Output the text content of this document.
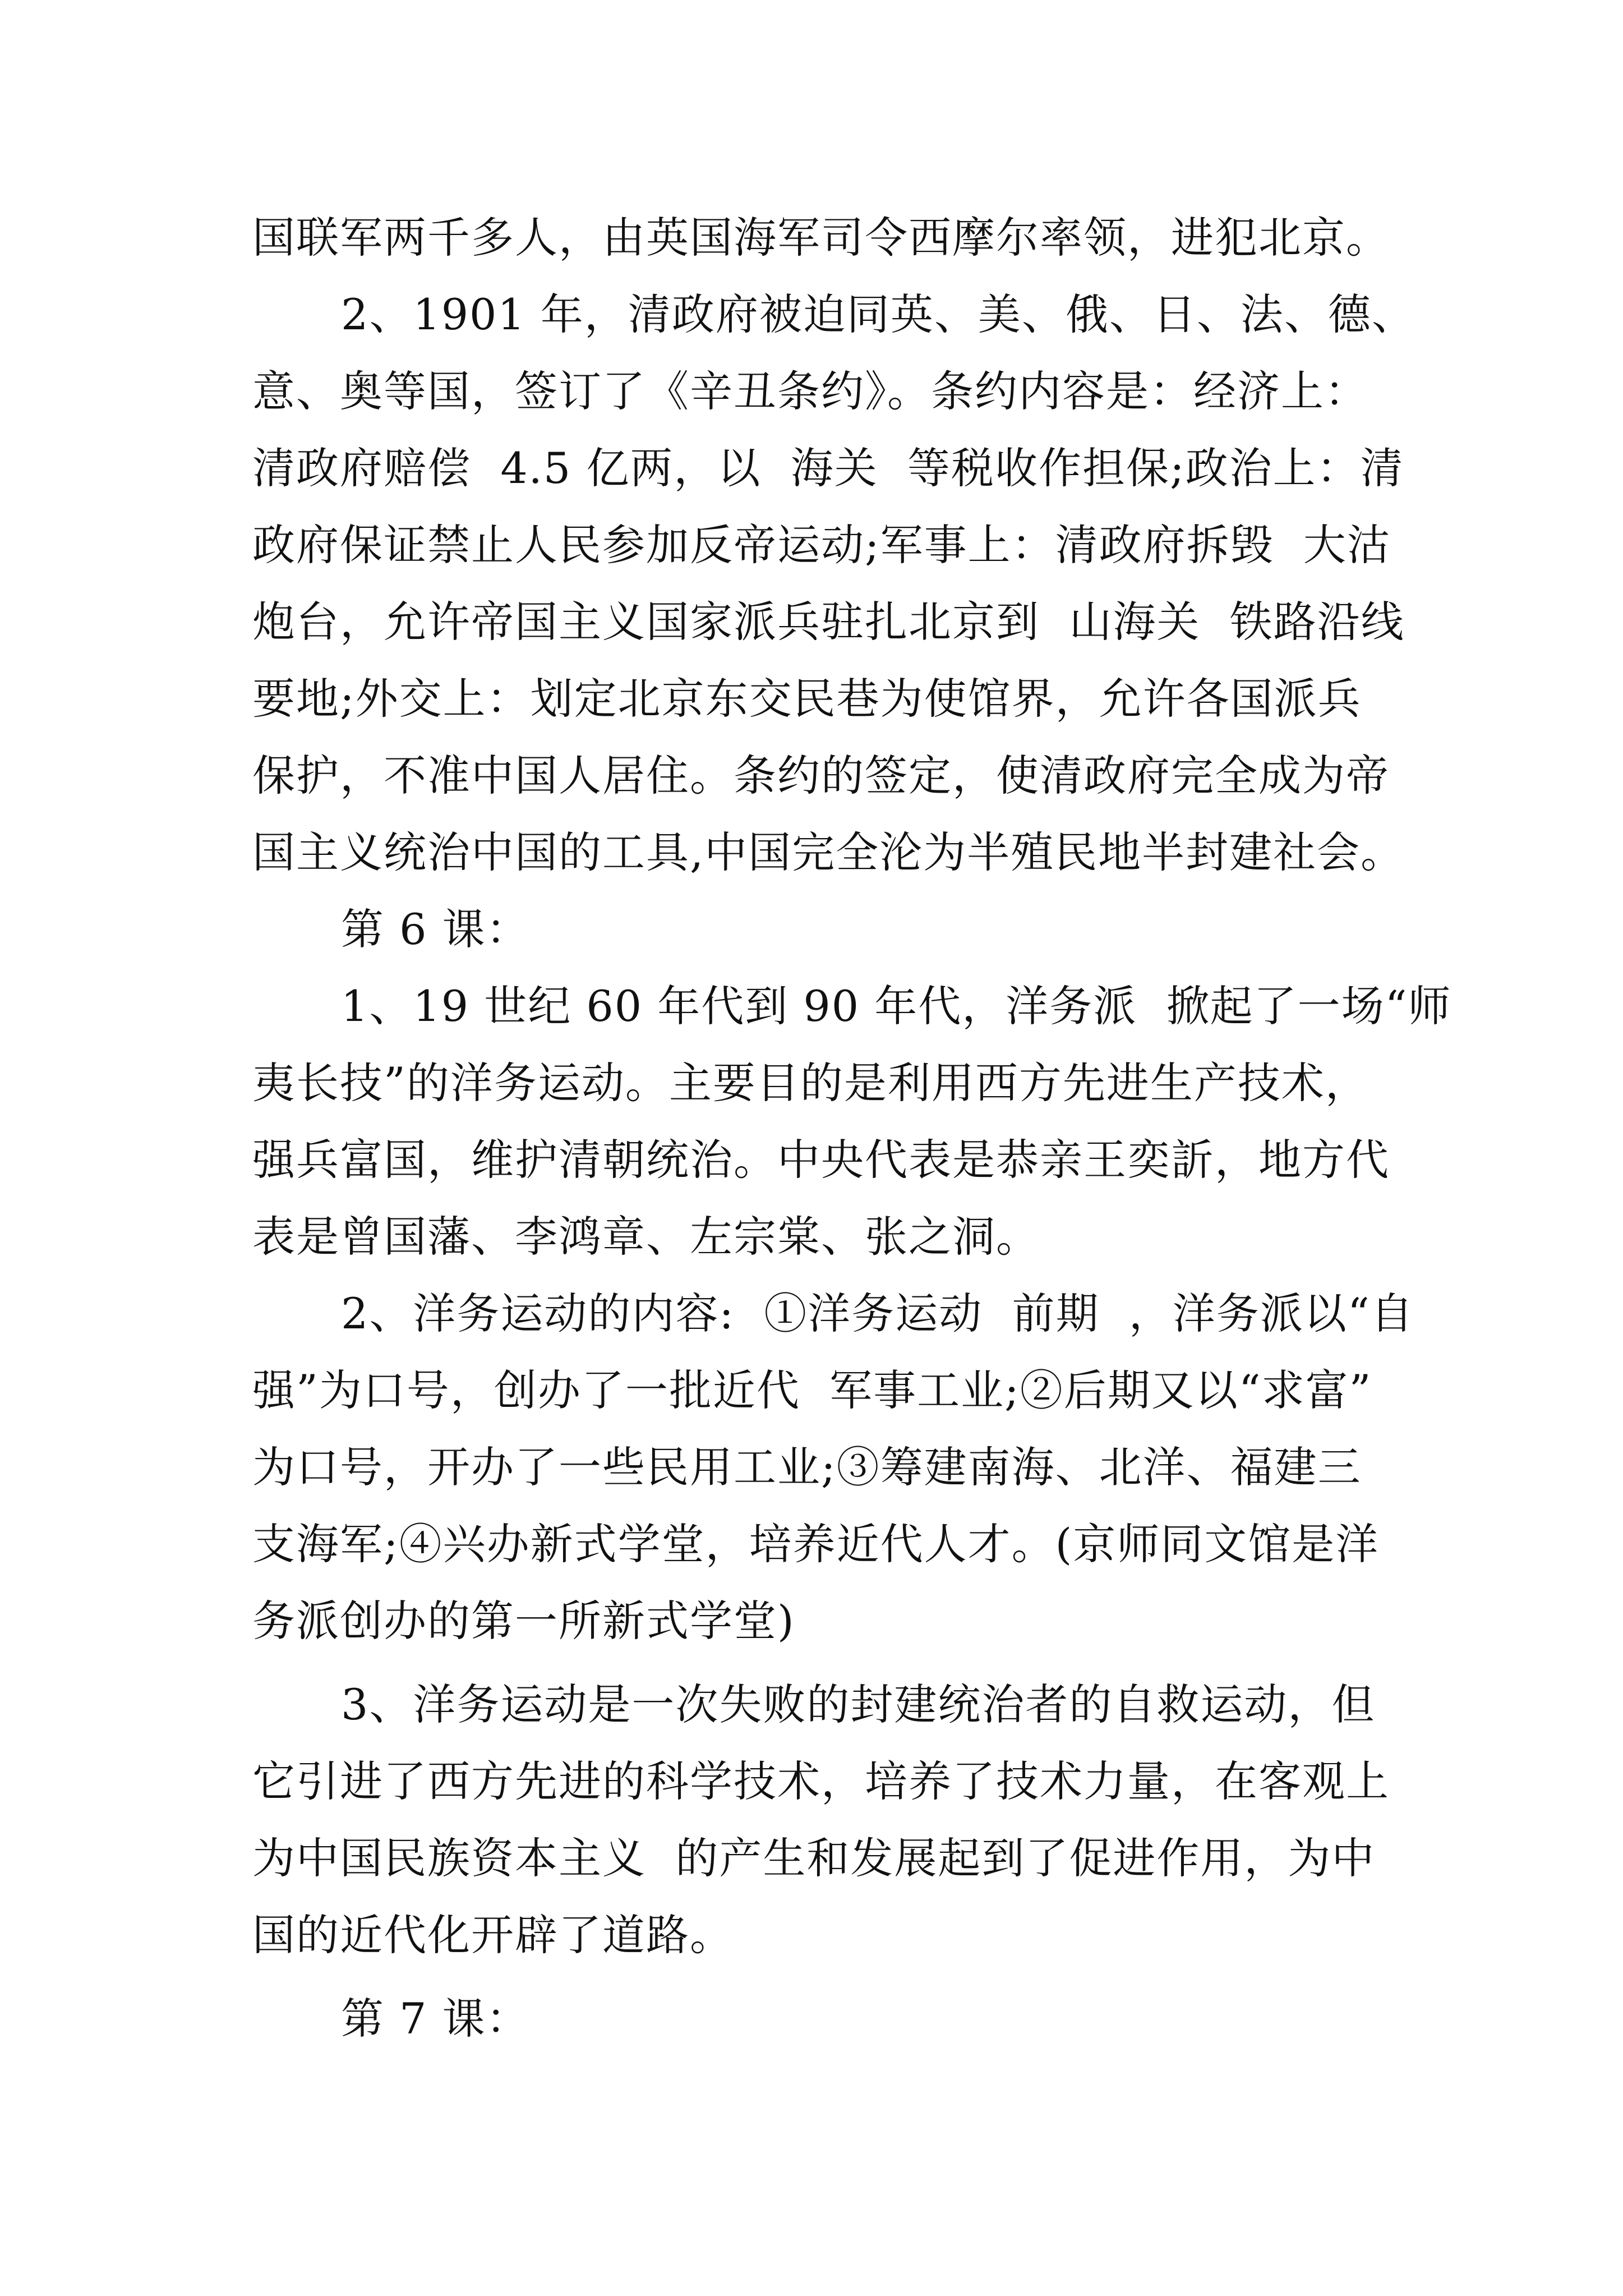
国联军两千多人，由英国海军司令西摩尔率领，进犯北京。
2、1901 年，清政府被迫同英、美、俄、日、法、德、
意、奥等国，签订了《辛丑条约》。条约内容是：经济上：
清政府赔偿  4.5 亿两，以  海关  等税收作担保;政治上：清
政府保证禁止人民参加反帝运动;军事上：清政府拆毁  大沽
炮台，允许帝国主义国家派兵驻扎北京到  山海关  铁路沿线
要地;外交上：划定北京东交民巷为使馆界，允许各国派兵
保护，不准中国人居住。条约的签定，使清政府完全成为帝
国主义统治中国的工具,中国完全沦为半殖民地半封建社会。
第 6 课：
1、19 世纪 60 年代到 90 年代，洋务派  掀起了一场“师
夷长技”的洋务运动。主要目的是利用西方先进生产技术，
强兵富国，维护清朝统治。中央代表是恭亲王奕訢，地方代
表是曾国藩、李鸿章、左宗棠、张之洞。
2、洋务运动的内容:  ①洋务运动  前期  ，洋务派以“自
强”为口号，创办了一批近代  军事工业;②后期又以“求富”
为口号，开办了一些民用工业;③筹建南海、北洋、福建三
支海军;④兴办新式学堂，培养近代人才。(京师同文馆是洋
务派创办的第一所新式学堂)
3、洋务运动是一次失败的封建统治者的自救运动，但
它引进了西方先进的科学技术，培养了技术力量，在客观上
为中国民族资本主义  的产生和发展起到了促进作用，为中
国的近代化开辟了道路。
第 7 课：
